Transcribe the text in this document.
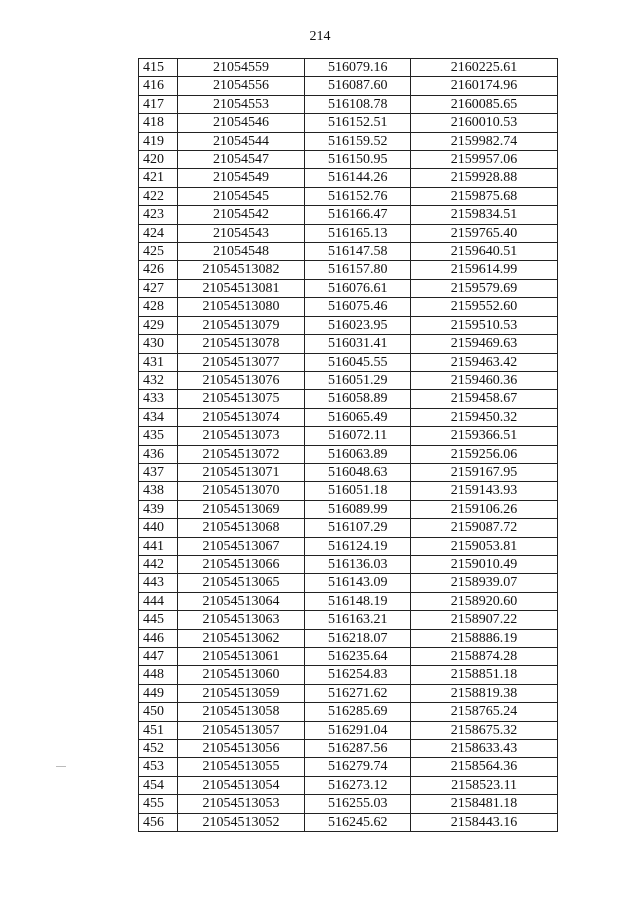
214
415	21054559	516079.16	2160225.61
416	21054556	516087.60	2160174.96
417	21054553	516108.78	2160085.65
418	21054546	516152.51	2160010.53
419	21054544	516159.52	2159982.74
420	21054547	516150.95	2159957.06
421	21054549	516144.26	2159928.88
422	21054545	516152.76	2159875.68
423	21054542	516166.47	2159834.51
424	21054543	516165.13	2159765.40
425	21054548	516147.58	2159640.51
426	21054513082	516157.80	2159614.99
427	21054513081	516076.61	2159579.69
428	21054513080	516075.46	2159552.60
429	21054513079	516023.95	2159510.53
430	21054513078	516031.41	2159469.63
431	21054513077	516045.55	2159463.42
432	21054513076	516051.29	2159460.36
433	21054513075	516058.89	2159458.67
434	21054513074	516065.49	2159450.32
435	21054513073	516072.11	2159366.51
436	21054513072	516063.89	2159256.06
437	21054513071	516048.63	2159167.95
438	21054513070	516051.18	2159143.93
439	21054513069	516089.99	2159106.26
440	21054513068	516107.29	2159087.72
441	21054513067	516124.19	2159053.81
442	21054513066	516136.03	2159010.49
443	21054513065	516143.09	2158939.07
444	21054513064	516148.19	2158920.60
445	21054513063	516163.21	2158907.22
446	21054513062	516218.07	2158886.19
447	21054513061	516235.64	2158874.28
448	21054513060	516254.83	2158851.18
449	21054513059	516271.62	2158819.38
450	21054513058	516285.69	2158765.24
451	21054513057	516291.04	2158675.32
452	21054513056	516287.56	2158633.43
453	21054513055	516279.74	2158564.36
454	21054513054	516273.12	2158523.11
455	21054513053	516255.03	2158481.18
456	21054513052	516245.62	2158443.16
